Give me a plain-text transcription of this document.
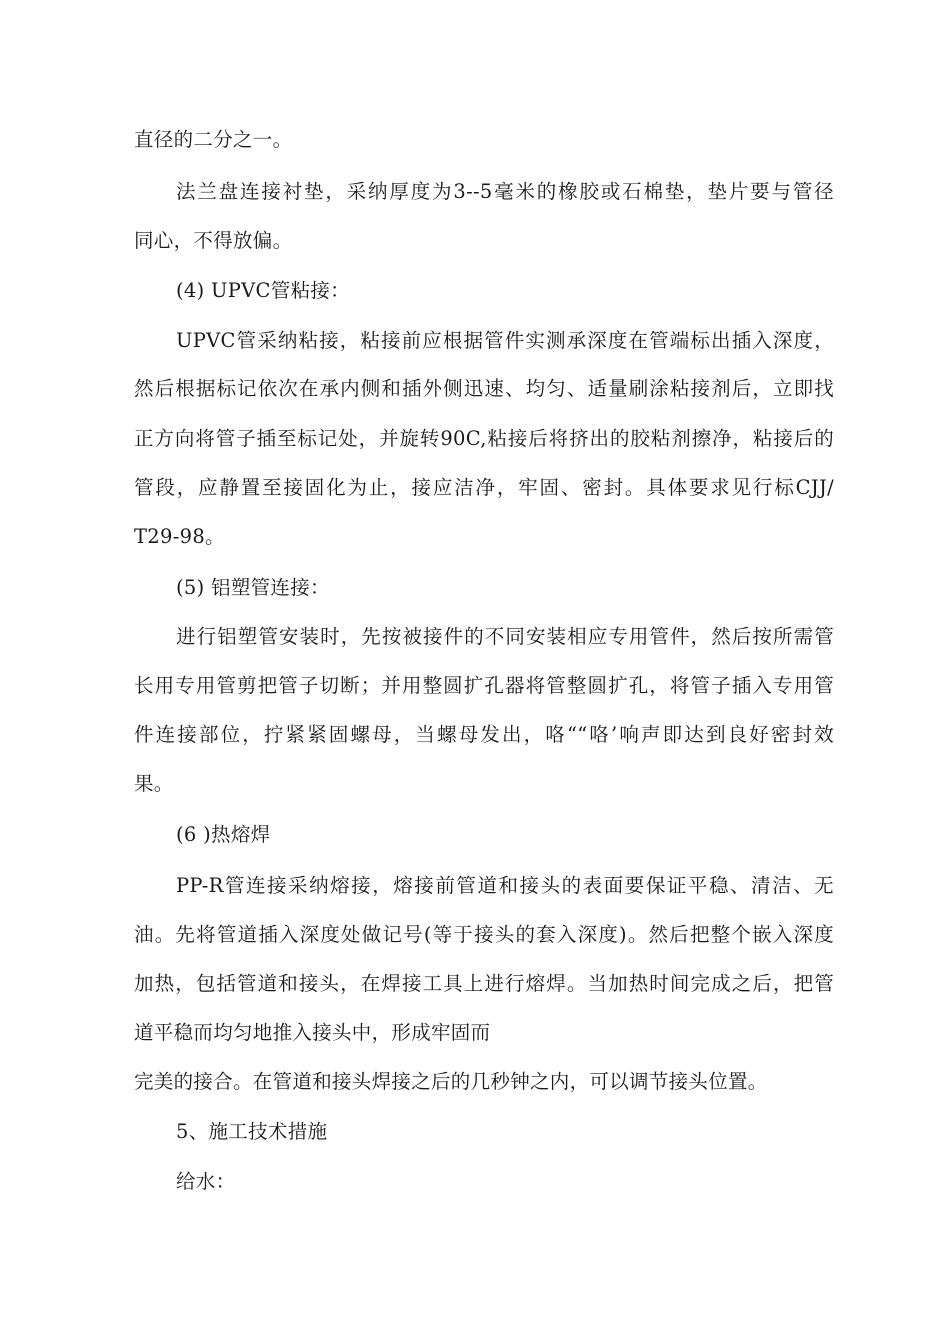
直径的二分之一。
法兰盘连接衬垫，采纳厚度为3--5毫米的橡胶或石棉垫，垫片要与管径
同心，不得放偏。
(4) UPVC管粘接：
UPVC管采纳粘接，粘接前应根据管件实测承深度在管端标出插入深度，
然后根据标记依次在承内侧和插外侧迅速、均匀、适量刷涂粘接剂后，立即找
正方向将管子插至标记处，并旋转90C,粘接后将挤出的胶粘剂擦净，粘接后的
管段，应静置至接固化为止，接应洁净，牢固、密封。具体要求见行标CJJ/
T29-98。
(5) 铝塑管连接：
进行铝塑管安装时，先按被接件的不同安装相应专用管件，然后按所需管
长用专用管剪把管子切断；并用整圆扩孔器将管整圆扩孔，将管子插入专用管
件连接部位，拧紧紧固螺母，当螺母发出，咯““咯’响声即达到良好密封效
果。
(6 )热熔焊
PP-R管连接采纳熔接，熔接前管道和接头的表面要保证平稳、清洁、无
油。先将管道插入深度处做记号(等于接头的套入深度)。然后把整个嵌入深度
加热，包括管道和接头，在焊接工具上进行熔焊。当加热时间完成之后，把管
道平稳而均匀地推入接头中，形成牢固而
完美的接合。在管道和接头焊接之后的几秒钟之内，可以调节接头位置。
5、施工技术措施
给水：
